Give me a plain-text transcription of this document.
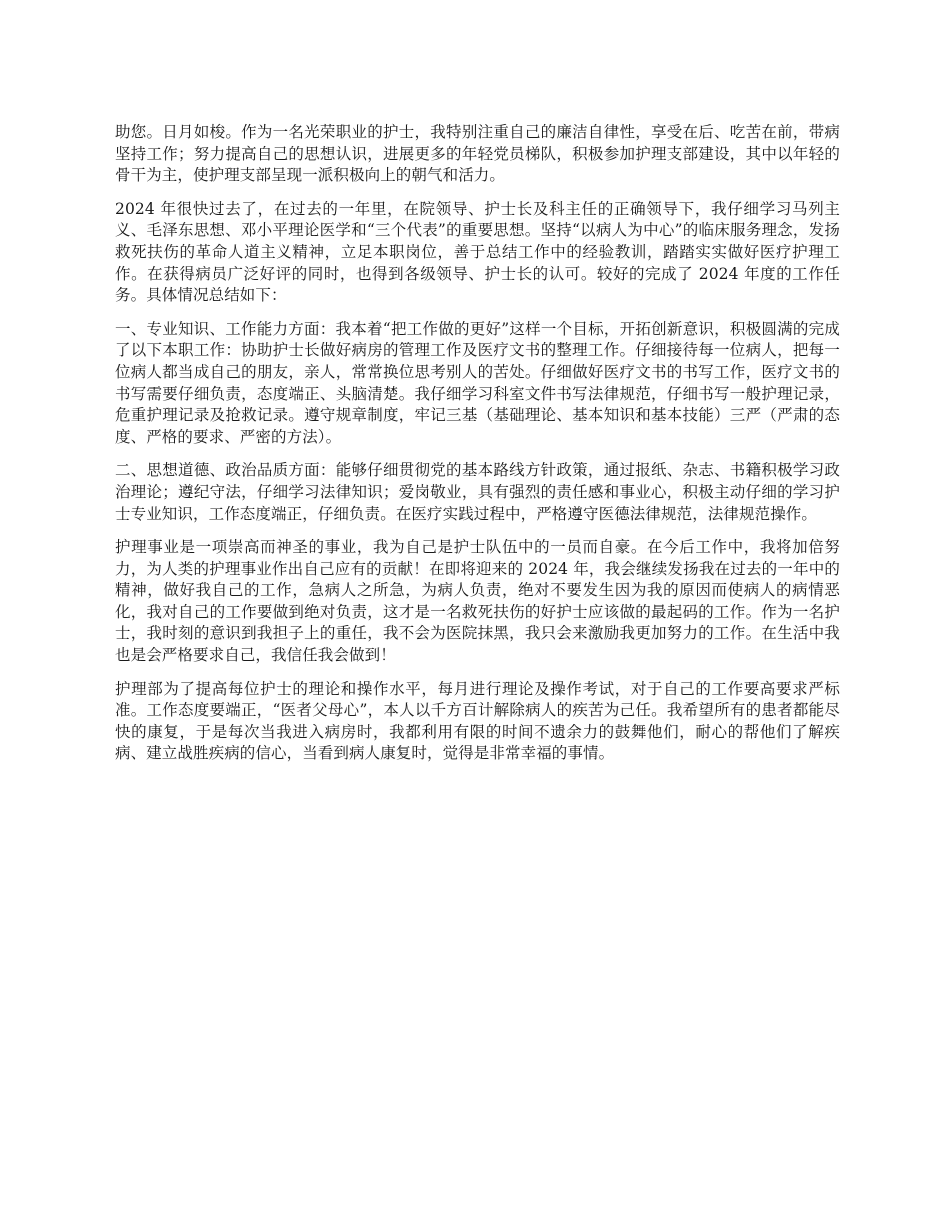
助您。日月如梭。作为一名光荣职业的护士，我特别注重自己的廉洁自律性，享受在后、吃苦在前，带病坚持工作；努力提高自己的思想认识，进展更多的年轻党员梯队，积极参加护理支部建设，其中以年轻的骨干为主，使护理支部呈现一派积极向上的朝气和活力。

2024 年很快过去了，在过去的一年里，在院领导、护士长及科主任的正确领导下，我仔细学习马列主义、毛泽东思想、邓小平理论医学和“三个代表”的重要思想。坚持“以病人为中心”的临床服务理念，发扬救死扶伤的革命人道主义精神，立足本职岗位，善于总结工作中的经验教训，踏踏实实做好医疗护理工作。在获得病员广泛好评的同时，也得到各级领导、护士长的认可。较好的完成了 2024 年度的工作任务。具体情况总结如下：

一、专业知识、工作能力方面：我本着“把工作做的更好”这样一个目标，开拓创新意识，积极圆满的完成了以下本职工作：协助护士长做好病房的管理工作及医疗文书的整理工作。仔细接待每一位病人，把每一位病人都当成自己的朋友，亲人，常常换位思考别人的苦处。仔细做好医疗文书的书写工作，医疗文书的书写需要仔细负责，态度端正、头脑清楚。我仔细学习科室文件书写法律规范，仔细书写一般护理记录，危重护理记录及抢救记录。遵守规章制度，牢记三基（基础理论、基本知识和基本技能）三严（严肃的态度、严格的要求、严密的方法）。

二、思想道德、政治品质方面：能够仔细贯彻党的基本路线方针政策，通过报纸、杂志、书籍积极学习政治理论；遵纪守法，仔细学习法律知识；爱岗敬业，具有强烈的责任感和事业心，积极主动仔细的学习护士专业知识，工作态度端正，仔细负责。在医疗实践过程中，严格遵守医德法律规范，法律规范操作。

护理事业是一项崇高而神圣的事业，我为自己是护士队伍中的一员而自豪。在今后工作中，我将加倍努力，为人类的护理事业作出自己应有的贡献！在即将迎来的 2024 年，我会继续发扬我在过去的一年中的精神，做好我自己的工作，急病人之所急，为病人负责，绝对不要发生因为我的原因而使病人的病情恶化，我对自己的工作要做到绝对负责，这才是一名救死扶伤的好护士应该做的最起码的工作。作为一名护士，我时刻的意识到我担子上的重任，我不会为医院抹黑，我只会来激励我更加努力的工作。在生活中我也是会严格要求自己，我信任我会做到！

护理部为了提高每位护士的理论和操作水平，每月进行理论及操作考试，对于自己的工作要高要求严标准。工作态度要端正，“医者父母心”，本人以千方百计解除病人的疾苦为己任。我希望所有的患者都能尽快的康复，于是每次当我进入病房时，我都利用有限的时间不遗余力的鼓舞他们，耐心的帮他们了解疾病、建立战胜疾病的信心，当看到病人康复时，觉得是非常幸福的事情。
